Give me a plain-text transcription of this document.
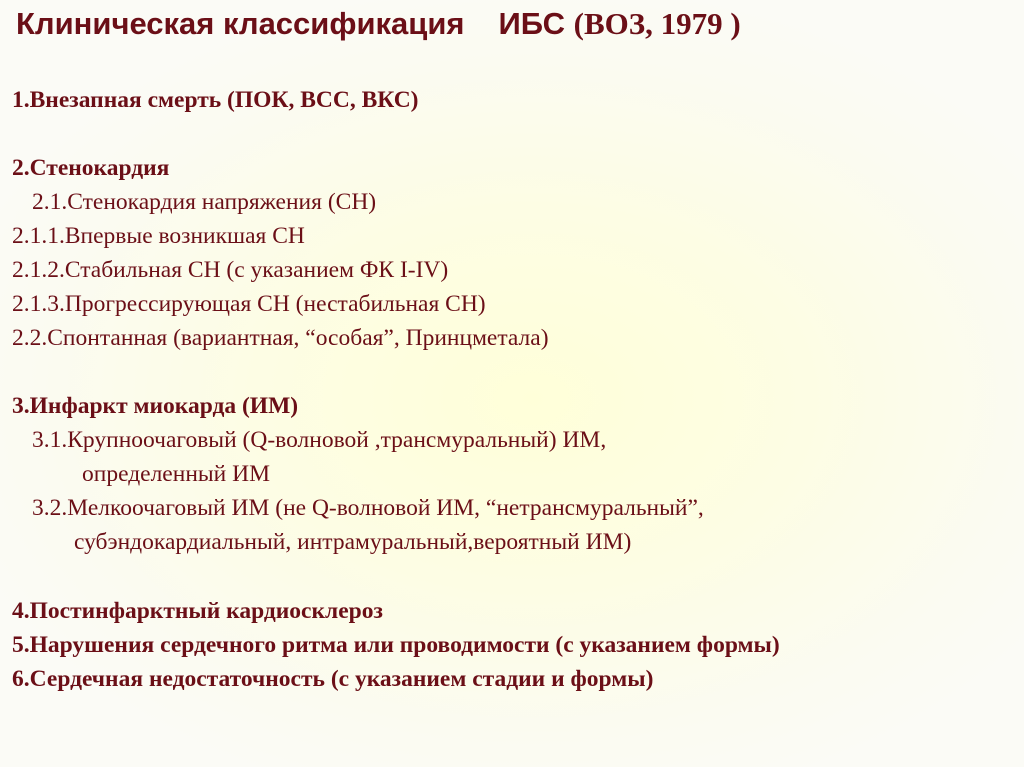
Клиническая классификация ИБС (ВОЗ, 1979 )
1.Внезапная смерть (ПОК, ВСС, ВКС)
2.Стенокардия
2.1.Стенокардия напряжения (СН)
2.1.1.Впервые возникшая СН
2.1.2.Стабильная СН (с указанием ФК I-IV)
2.1.3.Прогрессирующая СН (нестабильная СН)
2.2.Спонтанная (вариантная, “особая”, Принцметала)
3.Инфаркт миокарда (ИМ)
3.1.Крупноочаговый (Q-волновой ,трансмуральный) ИМ,
определенный ИМ
3.2.Мелкоочаговый ИМ (не Q-волновой ИМ, “нетрансмуральный”,
субэндокардиальный, интрамуральный,вероятный ИМ)
4.Постинфарктный кардиосклероз
5.Нарушения сердечного ритма или проводимости (с указанием формы)
6.Сердечная недостаточность (с указанием стадии и формы)
